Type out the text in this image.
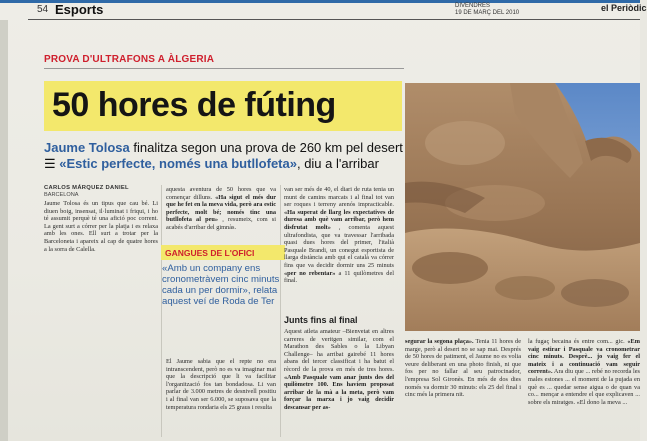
54 Esports	DIVENDRES
19 DE MARÇ DEL 2010	el Periòdic
PROVA D'ULTRAFONS A ÀLGERIA
50 hores de fúting
Jaume Tolosa finalitza segon una prova de 260 km pel desert ☰ «Estic perfecte, només una butllofeta», diu a l'arribar
CARLOS MÁRQUEZ DANIEL
BARCELONA
Jaume Tolosa és un tipus que cau bé. Li diuen boig, insensat, il·luminat i friqui, i ho té assumit perquè té una afició poc corrent. La gent surt a córrer per la platja i es relaxa amb les ones. Ell surt a trotar per la Barceloneta i apareix al cap de quatre hores a la sorra de Calella.
aquesta aventura de 50 hores que va començar dilluns. «Ha sigut el més dur que he fet en la meva vida, però ara estic perfecte, molt bé; només tinc una butllofeta al peu» , resumeix, com si acabés d'arribar del gimnàs.
GANGUES DE L'OFICI
«Amb un company ens cronometràvem cinc minuts cada un per dormir», relata aquest veí de Roda de Ter
El Jaume sabia que el repte no era intranscendent, però no es va imaginar mai que la descripció que li va facilitar l'organització fos tan bondadosa. Li van parlar de 3.000 metres de desnivell positiu i al final van ser 6.000, se suposava que la temperatura rondaria els 25 graus i resulta
van ser més de 40, el diari de ruta tenia un munt de camins marcats i al final tot van ser roques i terreny arenós impracticable. «Ha superat de llarg les expectatives de duresa amb què vam arribar, però hem disfrutat molt» , comenta aquest ultrafondista, que va travessar l'arribada quasi dues hores del primer, l'italià Pasquale Brandi, un conegut esportista de llarga distància amb qui el català va córrer fins que va decidir dormir uns 25 minuts «per no rebentar» a 11 quilòmetres del final.
Junts fins al final
Aquest atleta amateur –Bienvetat en altres carreres de veritgen similar, com el Marathon des Sables o la Libyan Challenge– ha arribat gairebé 11 hores abans del tercer classificat i ha batut el rècord de la prova en més de tres hores. «Amb Pasquale vam anar junts des del quilòmetre 100. Ens havíem proposat arribar de la mà a la meta, però vam forçar la marxa i jo vaig decidir descansar per as-
segurar la segona plaça». Tenia 11 hores de marge, però al desert no se sap mai. Després de 50 hores de patiment, el Jaume no es volia veure deliberant en una photo finish, ni que fos per no fallar al seu patrocinador, l'empresa Sol Gironès. En més de dos dies només va dormir 30 minuts: els 25 del final i cinc més la primera nit.
la fugaç becaina és entre com... gic. «Em vaig estirar i Pasquale va cronometrar cinc minuts. Desprè... jo vaig fer el mateix i a continuació vam seguir corrent». Ara diu que ... rebé no recorda les males estones ... el moment de la pujada en què es ... quedar sense aigua o de quan va co... mençar a entendre el que explicaven ... sobre els miratges. «El dono la meva ...
